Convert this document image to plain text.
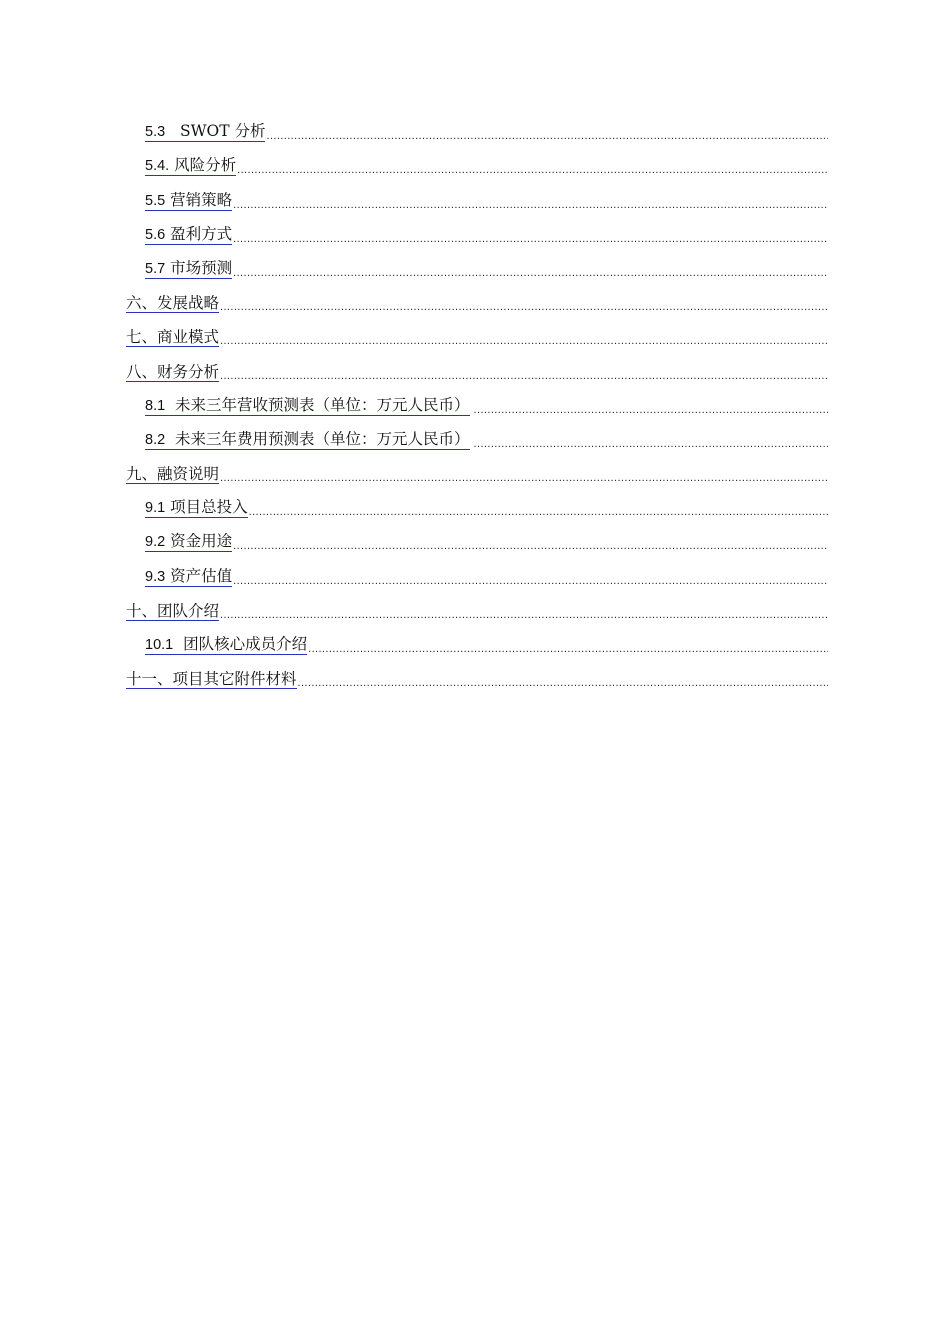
5.3 SWOT 分析
.....
5.4. 风险分析
.....
5.5 营销策略
.....
5.6 盈利方式
.....
5.7 市场预测
.....
六、发展战略
.....
七、商业模式
.....
八、财务分析
.....
8.1 未来三年营收预测表（单位：万元人民币）
.....
8.2 未来三年费用预测表（单位：万元人民币）
.....
九、融资说明
.....
9.1 项目总投入
.....
9.2 资金用途
.....
9.3 资产估值
.....
十、团队介绍
.....
10.1 团队核心成员介绍
.....
十一、项目其它附件材料
.....
